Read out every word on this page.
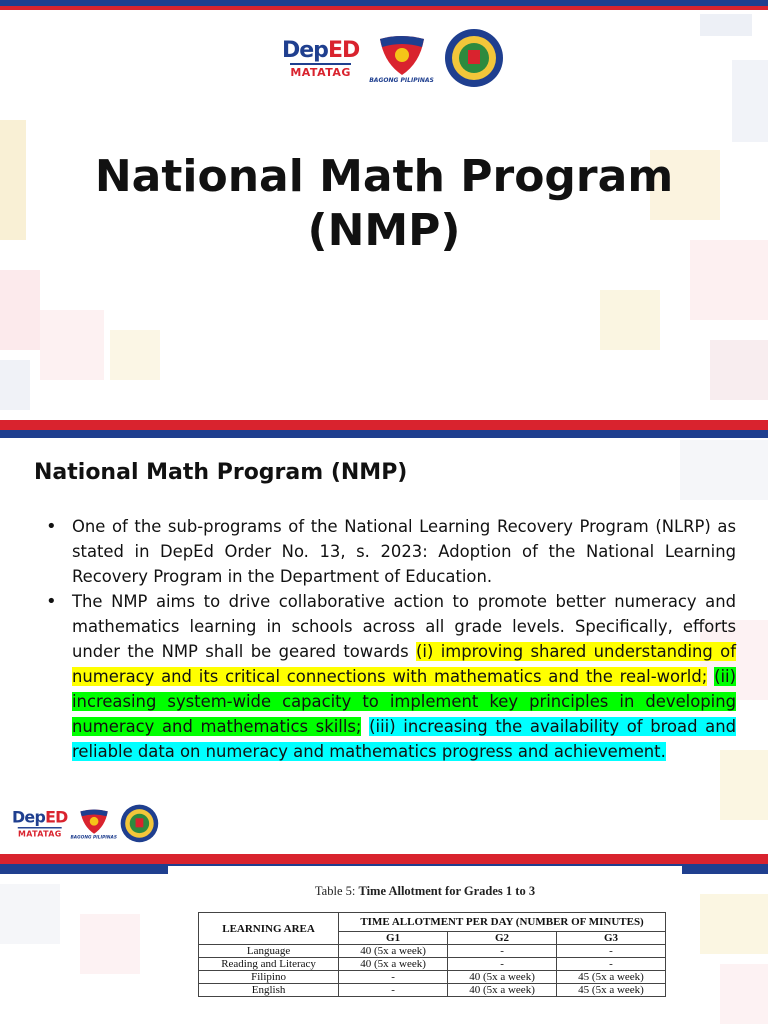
DepED
MATATAG
BAGONG PILIPINAS
National Math Program
(NMP)
National Math Program (NMP)
• One of the sub-programs of the National Learning Recovery Program (NLRP) as stated in DepEd Order No. 13, s. 2023: Adoption of the National Learning Recovery Program in the Department of Education.
• The NMP aims to drive collaborative action to promote better numeracy and mathematics learning in schools across all grade levels. Specifically, efforts under the NMP shall be geared towards (i) improving shared understanding of numeracy and its critical connections with mathematics and the real-world; (ii) increasing system-wide capacity to implement key principles in developing numeracy and mathematics skills; (iii) increasing the availability of broad and reliable data on numeracy and mathematics progress and achievement.
DepED
MATATAG BAGONG PILIPINAS
Table 5: Time Allotment for Grades 1 to 3
LEARNING AREA	TIME ALLOTMENT PER DAY (NUMBER OF MINUTES)		
	G1	G2	G3
Language	40 (5x a week)	-	-
Reading and Literacy	40 (5x a week)	-	-
Filipino	-	40 (5x a week)	45 (5x a week)
English	-	40 (5x a week)	45 (5x a week)
